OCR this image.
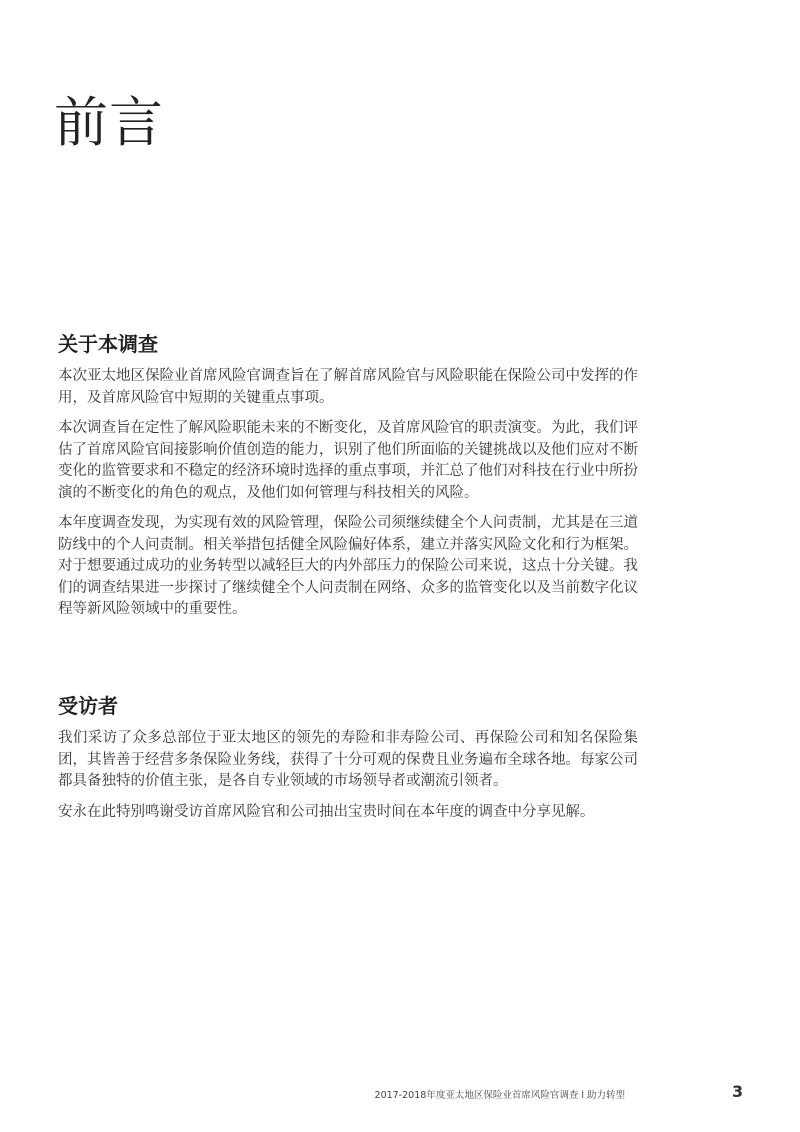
前言
关于本调查

本次亚太地区保险业首席风险官调查旨在了解首席风险官与风险职能在保险公司中发挥的作用，及首席风险官中短期的关键重点事项。

本次调查旨在定性了解风险职能未来的不断变化，及首席风险官的职责演变。为此，我们评估了首席风险官间接影响价值创造的能力，识别了他们所面临的关键挑战以及他们应对不断变化的监管要求和不稳定的经济环境时选择的重点事项，并汇总了他们对科技在行业中所扮演的不断变化的角色的观点，及他们如何管理与科技相关的风险。

本年度调查发现，为实现有效的风险管理，保险公司须继续健全个人问责制，尤其是在三道防线中的个人问责制。相关举措包括健全风险偏好体系，建立并落实风险文化和行为框架。对于想要通过成功的业务转型以减轻巨大的内外部压力的保险公司来说，这点十分关键。我们的调查结果进一步探讨了继续健全个人问责制在网络、众多的监管变化以及当前数字化议程等新风险领域中的重要性。

受访者

我们采访了众多总部位于亚太地区的领先的寿险和非寿险公司、再保险公司和知名保险集团，其皆善于经营多条保险业务线，获得了十分可观的保费且业务遍布全球各地。每家公司都具备独特的价值主张，是各自专业领域的市场领导者或潮流引领者。

安永在此特别鸣谢受访首席风险官和公司抽出宝贵时间在本年度的调查中分享见解。

2017-2018年度亚太地区保险业首席风险官调查 l 助力转型	3
